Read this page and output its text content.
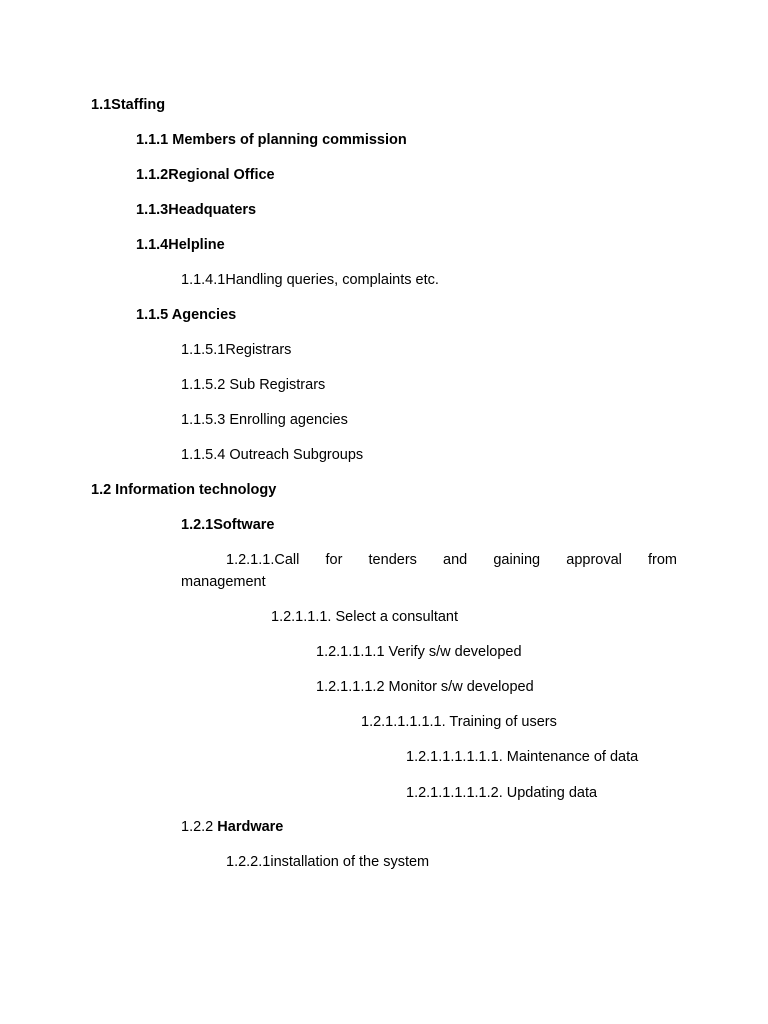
1.1Staffing
1.1.1 Members of planning commission
1.1.2Regional Office
1.1.3Headquaters
1.1.4Helpline
1.1.4.1Handling queries, complaints etc.
1.1.5 Agencies
1.1.5.1Registrars
1.1.5.2 Sub Registrars
1.1.5.3 Enrolling agencies
1.1.5.4 Outreach Subgroups
1.2 Information technology
1.2.1Software
1.2.1.1.Call for tenders and gaining approval from
management
1.2.1.1.1. Select a consultant
1.2.1.1.1.1 Verify s/w developed
1.2.1.1.1.2 Monitor s/w developed
1.2.1.1.1.1.1. Training of users
1.2.1.1.1.1.1.1. Maintenance of data
1.2.1.1.1.1.1.2. Updating data
1.2.2 Hardware
1.2.2.1installation of the system
